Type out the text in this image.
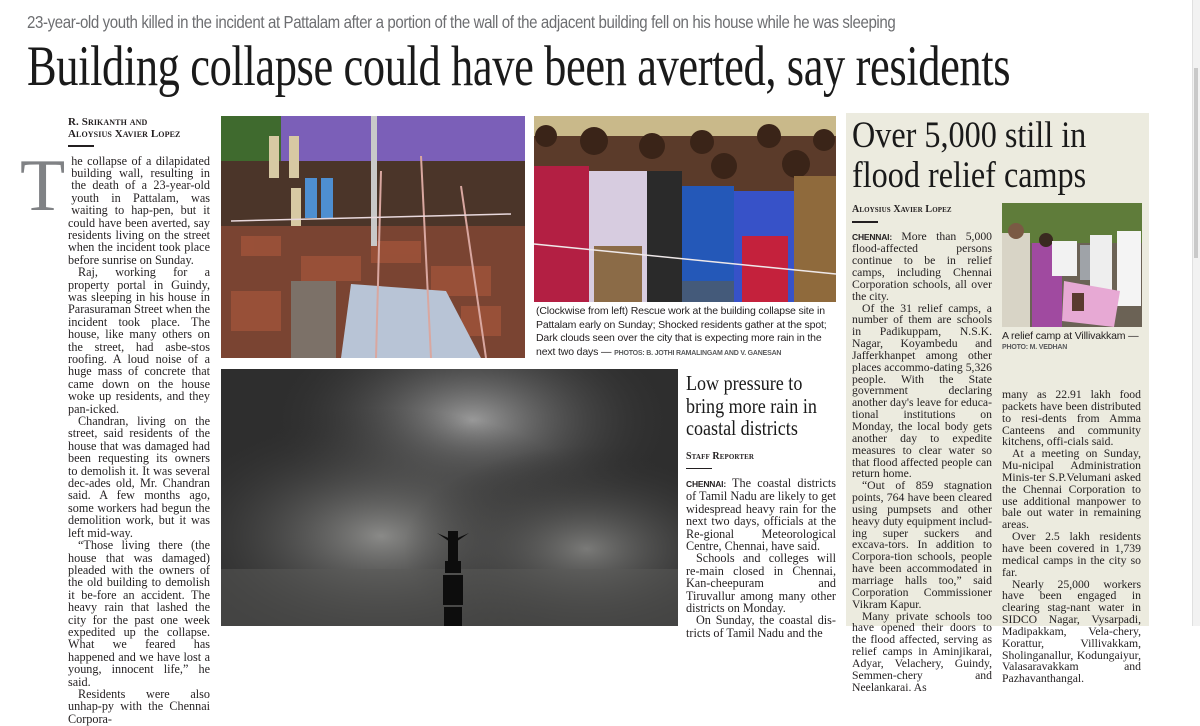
23-year-old youth killed in the incident at Pattalam after a portion of the wall of the adjacent building fell on his house while he was sleeping
Building collapse could have been averted, say residents
R. Srikanth and
Aloysius Xavier Lopez

The collapse of a dilapidated building wall, resulting in the death of a 23-year-old youth in Pattalam, was waiting to hap-pen, but it could have been averted, say residents living on the street when the incident took place before sunrise on Sunday.

Raj, working for a property portal in Guindy, was sleeping in his house in Parasuraman Street when the incident took place. The house, like many others on the street, had asbe-stos roofing. A loud noise of a huge mass of concrete that came down on the house woke up residents, and they pan-icked.

Chandran, living on the street, said residents of the house that was damaged had been requesting its owners to demolish it. It was several dec-ades old, Mr. Chandran said. A few months ago, some workers had begun the demolition work, but it was left mid-way.

“Those living there (the house that was damaged) pleaded with the owners of the old building to demolish it be-fore an accident. The heavy rain that lashed the city for the past one week expedited up the collapse. What we feared has happened and we have lost a young, innocent life,” he said.

Residents were also unhap-py with the Chennai Corpora-

(Clockwise from left) Rescue work at the building collapse site in Pattalam early on Sunday; Shocked residents gather at the spot; Dark clouds seen over the city that is expecting more rain in the next two days — PHOTOS: B. JOTHI RAMALINGAM AND V. GANESAN
Low pressure to
bring more rain in
coastal districts
Staff Reporter

CHENNAI: The coastal districts of Tamil Nadu are likely to get widespread heavy rain for the next two days, officials at the Re-gional Meteorological Centre, Chennai, have said.

Schools and colleges will re-main closed in Chennai, Kan-cheepuram and Tiruvallur among many other districts on Monday.

On Sunday, the coastal dis-tricts of Tamil Nadu and the

Over 5,000 still in
flood relief camps
Aloysius Xavier Lopez

CHENNAI: More than 5,000 flood-affected persons continue to be in relief camps, including Chennai Corporation schools, all over the city.

Of the 31 relief camps, a number of them are schools in Padikuppam, N.S.K. Nagar, Koyambedu and Jafferkhanpet among other places accommo-dating 5,326 people. With the State government declaring another day's leave for educa-tional institutions on Monday, the local body gets another day to expedite measures to clear water so that flood affected people can return home.

“Out of 859 stagnation points, 764 have been cleared using pumpsets and other heavy duty equipment includ-ing super suckers and excava-tors. In addition to Corpora-tion schools, people have been accommodated in marriage halls too,” said Corporation Commissioner Vikram Kapur.

Many private schools too have opened their doors to the flood affected, serving as relief camps in Aminjikarai, Adyar, Velachery, Guindy, Semmen-chery and Neelankarai. As

A relief camp at Villivakkam —
PHOTO: M. VEDHAN

many as 22.91 lakh food packets have been distributed to resi-dents from Amma Canteens and community kitchens, offi-cials said.

At a meeting on Sunday, Mu-nicipal Administration Minis-ter S.P.Velumani asked the Chennai Corporation to use additional manpower to bale out water in remaining areas.

Over 2.5 lakh residents have been covered in 1,739 medical camps in the city so far.

Nearly 25,000 workers have been engaged in clearing stag-nant water in SIDCO Nagar, Vysarpadi, Madipakkam, Vela-chery, Korattur, Villivakkam, Sholinganallur, Kodungaiyur, Valasaravakkam and Pazhavanthangal.
